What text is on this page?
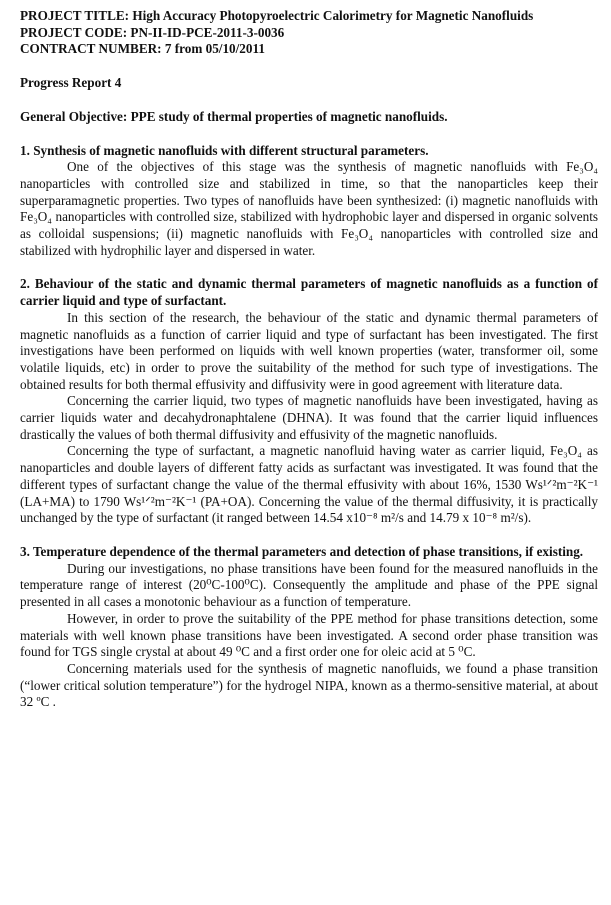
PROJECT TITLE: High Accuracy Photopyroelectric Calorimetry for Magnetic Nanofluids
PROJECT CODE: PN-II-ID-PCE-2011-3-0036
CONTRACT NUMBER: 7 from 05/10/2011
Progress Report 4
General Objective: PPE study of thermal properties of magnetic nanofluids.
1. Synthesis of magnetic nanofluids with different structural parameters.
One of the objectives of this stage was the synthesis of magnetic nanofluids with Fe₃O₄ nanoparticles with controlled size and stabilized in time, so that the nanoparticles keep their superparamagnetic properties. Two types of nanofluids have been synthesized: (i) magnetic nanofluids with Fe₃O₄ nanoparticles with controlled size, stabilized with hydrophobic layer and dispersed in organic solvents as colloidal suspensions; (ii) magnetic nanofluids with Fe₃O₄ nanoparticles with controlled size and stabilized with hydrophilic layer and dispersed in water.
2. Behaviour of the static and dynamic thermal parameters of magnetic nanofluids as a function of carrier liquid and type of surfactant.
In this section of the research, the behaviour of the static and dynamic thermal parameters of magnetic nanofluids as a function of carrier liquid and type of surfactant has been investigated. The first investigations have been performed on liquids with well known properties (water, transformer oil, some volatile liquids, etc) in order to prove the suitability of the method for such type of investigations. The obtained results for both thermal effusivity and diffusivity were in good agreement with literature data.
Concerning the carrier liquid, two types of magnetic nanofluids have been investigated, having as carrier liquids water and decahydronaphtalene (DHNA). It was found that the carrier liquid influences drastically the values of both thermal diffusivity and effusivity of the magnetic nanofluids.
Concerning the type of surfactant, a magnetic nanofluid having water as carrier liquid, Fe₃O₄ as nanoparticles and double layers of different fatty acids as surfactant was investigated. It was found that the different types of surfactant change the value of the thermal effusivity with about 16%, 1530 Ws¹ᐟ²m⁻²K⁻¹ (LA+MA) to 1790 Ws¹ᐟ²m⁻²K⁻¹ (PA+OA). Concerning the value of the thermal diffusivity, it is practically unchanged by the type of surfactant (it ranged between 14.54 x10⁻⁸ m²/s and 14.79 x 10⁻⁸ m²/s).
3. Temperature dependence of the thermal parameters and detection of phase transitions, if existing.
During our investigations, no phase transitions have been found for the measured nanofluids in the temperature range of interest (20⁰C-100⁰C). Consequently the amplitude and phase of the PPE signal presented in all cases a monotonic behaviour as a function of temperature.
However, in order to prove the suitability of the PPE method for phase transitions detection, some materials with well known phase transitions have been investigated. A second order phase transition was found for TGS single crystal at about 49 ⁰C and a first order one for oleic acid at 5 ⁰C.
Concerning materials used for the synthesis of magnetic nanofluids, we found a phase transition (“lower critical solution temperature”) for the hydrogel NIPA, known as a thermo-sensitive material, at about 32 ºC .
